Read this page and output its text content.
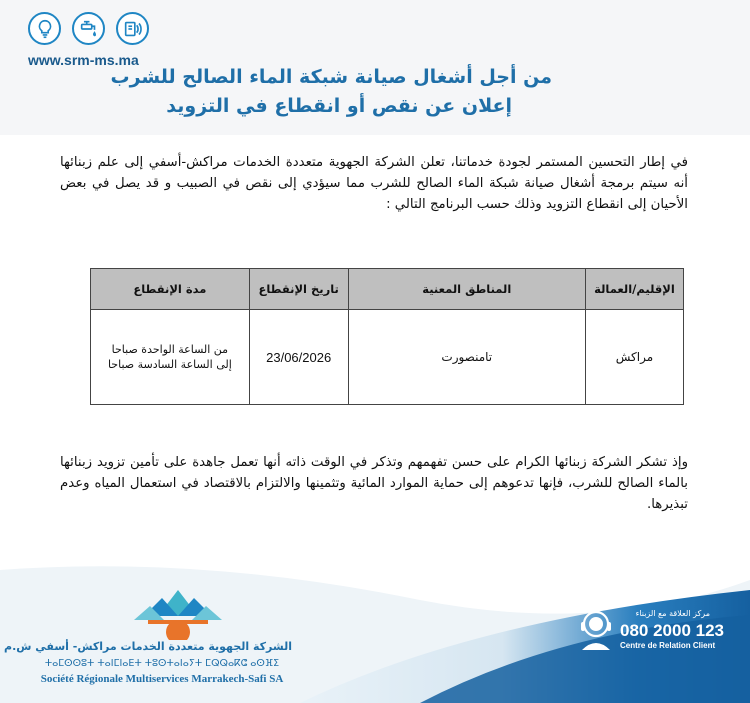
www.srm-ms.ma
من أجل أشغال صيانة شبكة الماء الصالح للشرب
إعلان عن نقص أو انقطاع في التزويد
في إطار التحسين المستمر لجودة خدماتنا، تعلن الشركة الجهوية متعددة الخدمات مراكش-أسفي إلى علم زبنائها أنه سيتم برمجة أشغال صيانة شبكة الماء الصالح للشرب مما سيؤدي إلى نقص في الصبيب و قد يصل في بعض الأحيان إلى انقطاع التزويد وذلك حسب البرنامج التالي :
الإقليم/العمالة	المناطق المعنية	تاريخ الإنقطاع	مدة الإنقطاع
مراكش	تامنصورت	23/06/2026	من الساعة الواحدة صباحا إلى الساعة السادسة صباحا
وإذ تشكر الشركة زبنائها الكرام على حسن تفهمهم وتذكر في الوقت ذاته أنها تعمل جاهدة على تأمين تزويد زبنائها بالماء الصالح للشرب، فإنها تدعوهم إلى حماية الموارد المائية وتثمينها والالتزام بالاقتصاد في استعمال المياه وعدم تبذيرها.
الشركة الجهوية متعددة الخدمات مراكش- أسفي ش.م
ⵜⴰⵎⵙⵙⵓⵜ ⵜⴰⵏⵎⵏⴰⴹⵜ ⵜⵓⵙⵜⴰⵏⴰⵢⵜ ⵎⵕⵕⴰⴽⵛ ⴰⵙⴼⵉ
Société Régionale Multiservices Marrakech-Safi SA
مركز العلاقة مع الزبناء
080 2000 123
Centre de Relation Client
